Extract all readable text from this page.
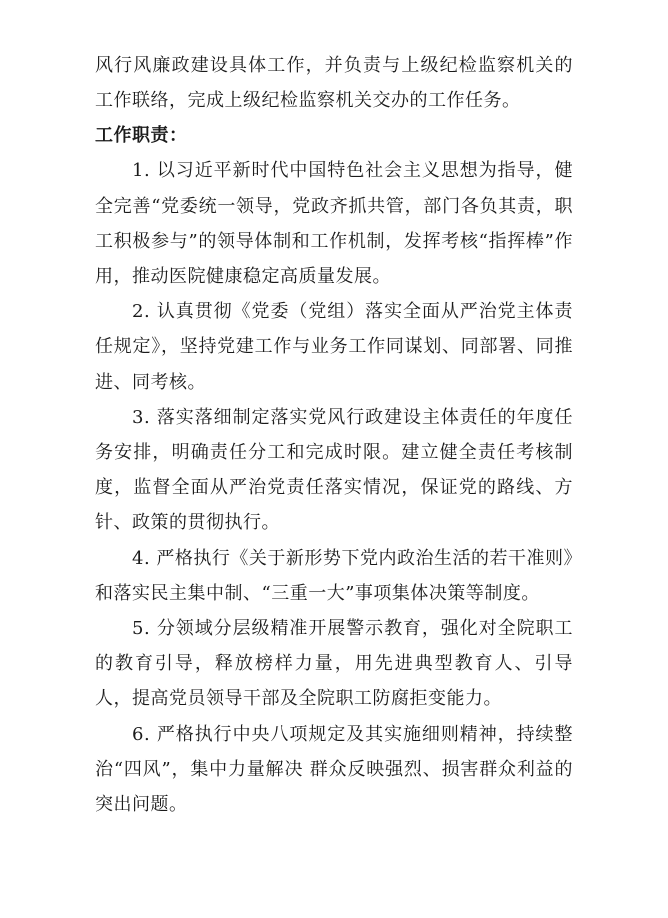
风行风廉政建设具体工作，并负责与上级纪检监察机关的工作联络，完成上级纪检监察机关交办的工作任务。

工作职责：

1. 以习近平新时代中国特色社会主义思想为指导，健全完善“党委统一领导，党政齐抓共管，部门各负其责，职工积极参与”的领导体制和工作机制，发挥考核“指挥棒”作用，推动医院健康稳定高质量发展。

2. 认真贯彻《党委（党组）落实全面从严治党主体责任规定》，坚持党建工作与业务工作同谋划、同部署、同推进、同考核。

3. 落实落细制定落实党风行政建设主体责任的年度任务安排，明确责任分工和完成时限。建立健全责任考核制度，监督全面从严治党责任落实情况，保证党的路线、方针、政策的贯彻执行。

4. 严格执行《关于新形势下党内政治生活的若干准则》和落实民主集中制、“三重一大”事项集体决策等制度。

5. 分领域分层级精准开展警示教育，强化对全院职工的教育引导，释放榜样力量，用先进典型教育人、引导人，提高党员领导干部及全院职工防腐拒变能力。

6. 严格执行中央八项规定及其实施细则精神，持续整治“四风”，集中力量解决 群众反映强烈、损害群众利益的突出问题。
